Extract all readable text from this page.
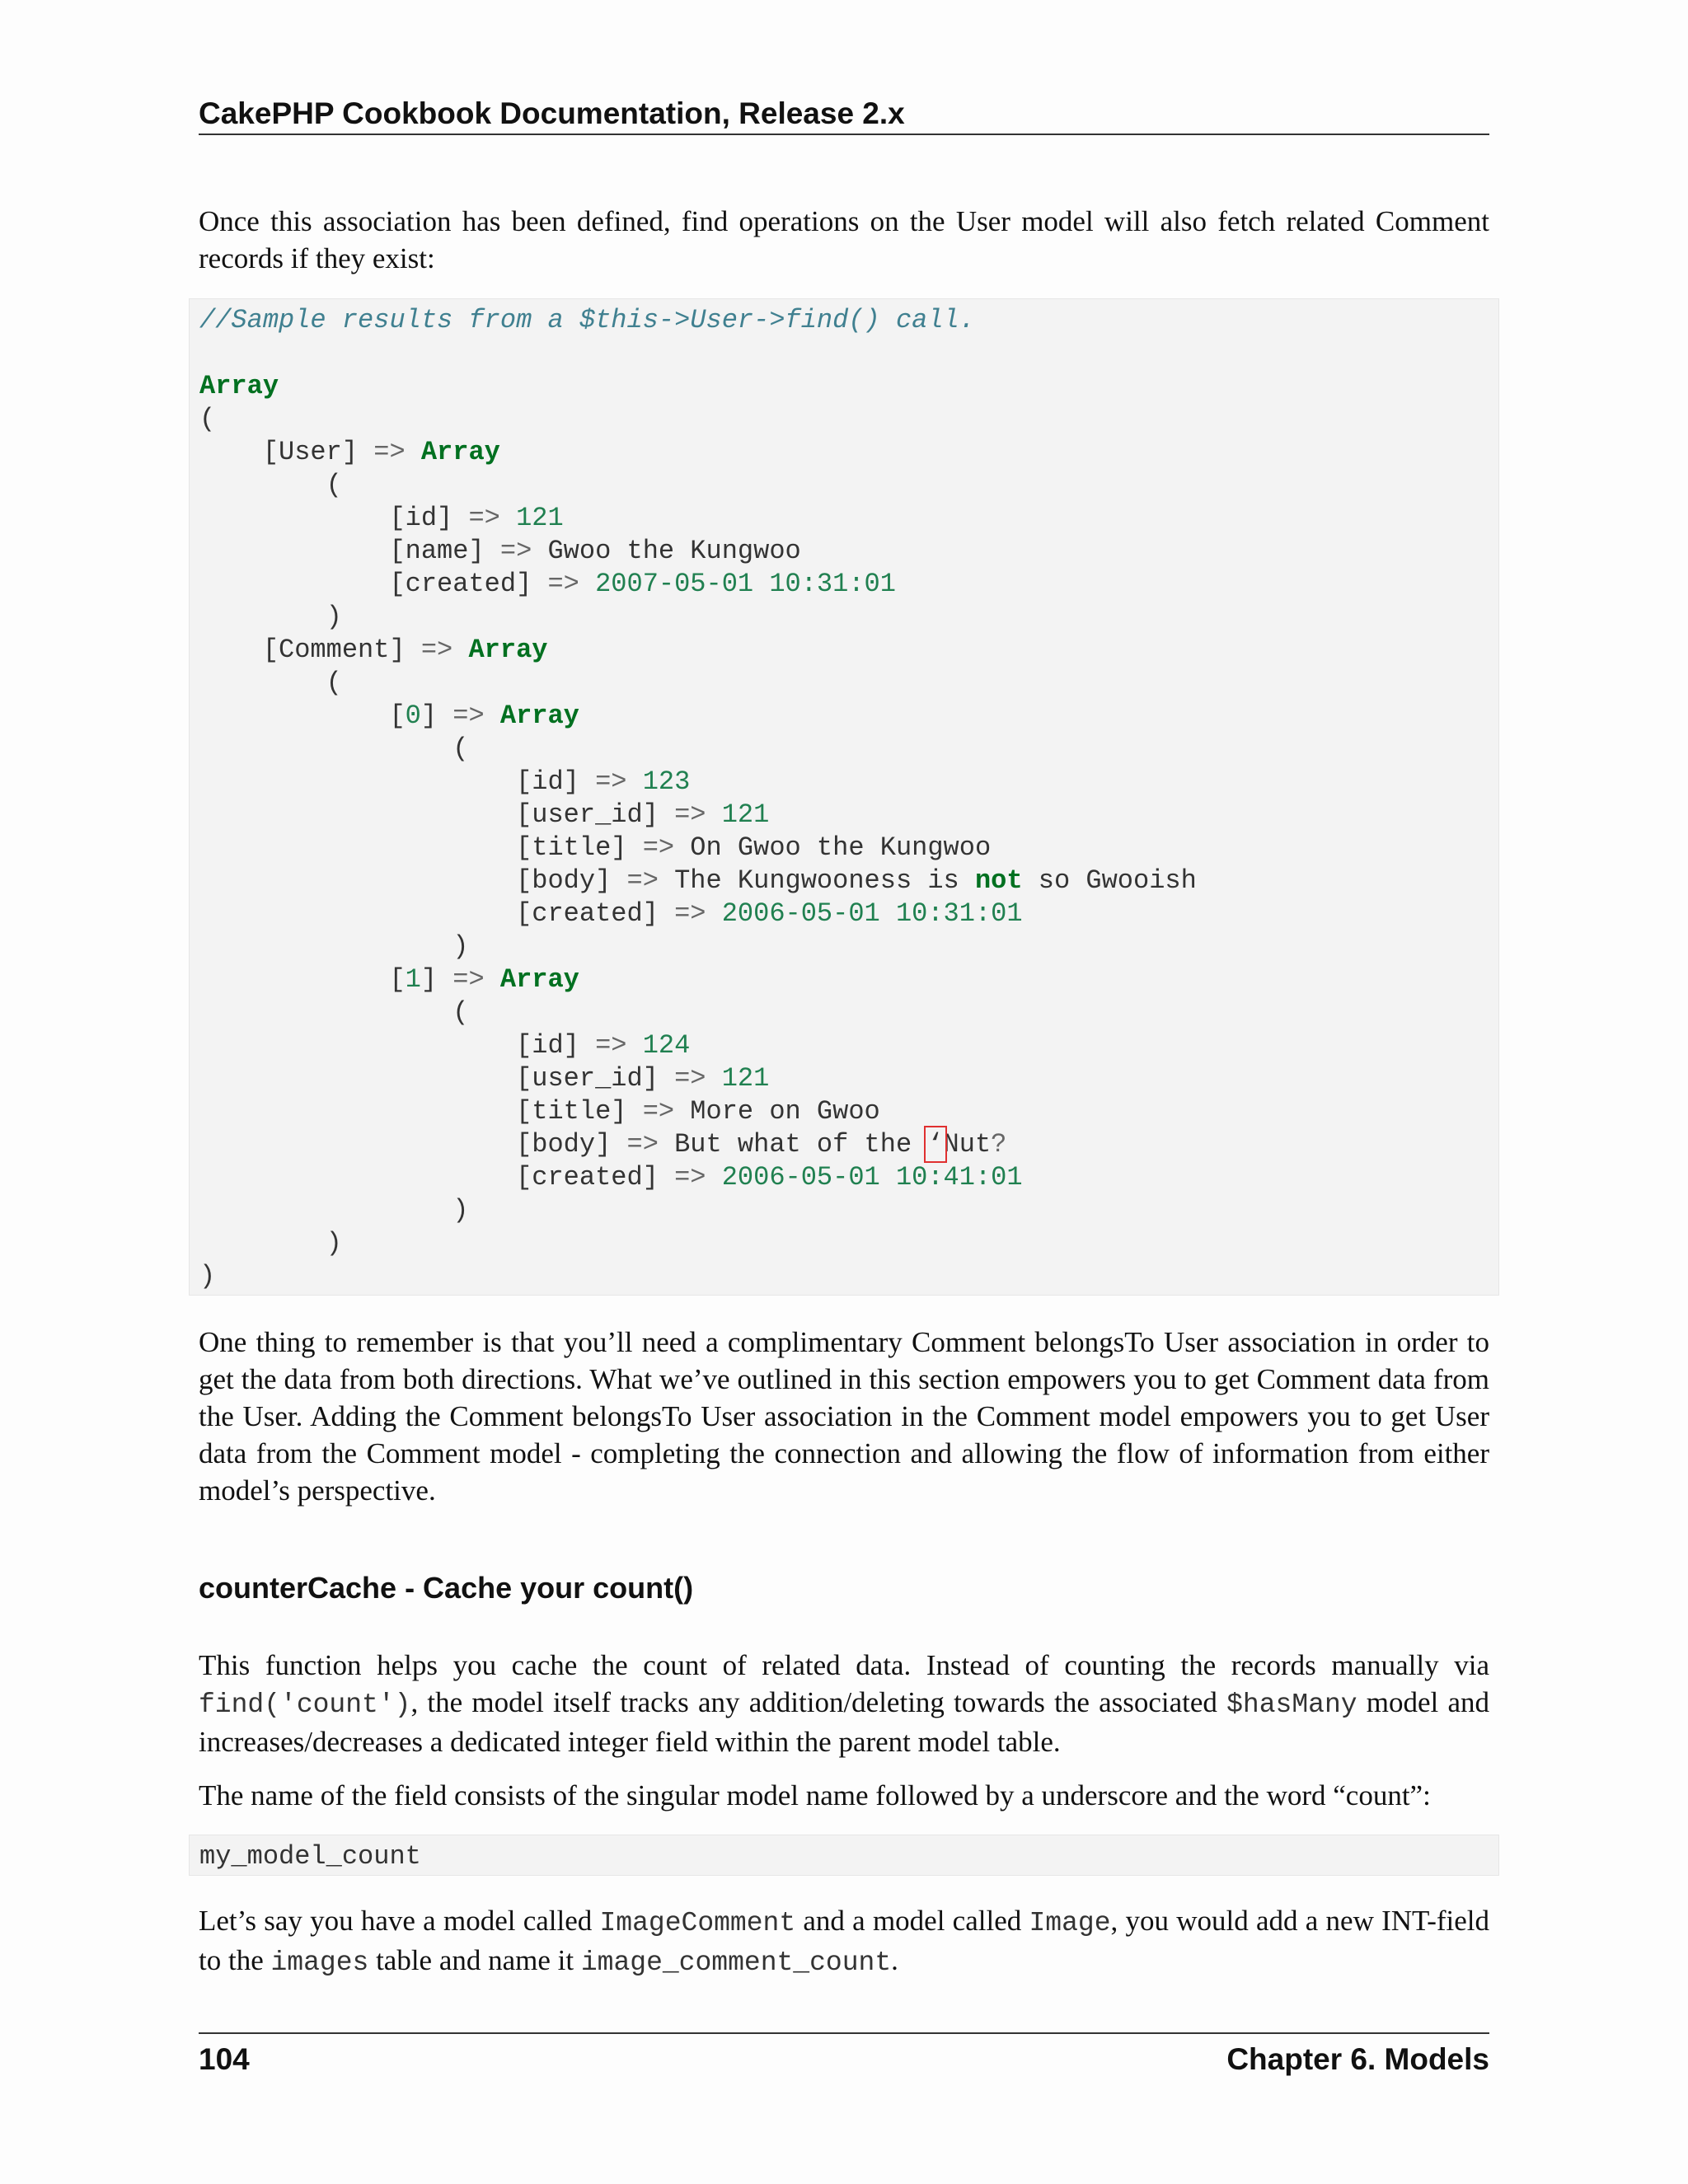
CakePHP Cookbook Documentation, Release 2.x

Once this association has been defined, find operations on the User model will also fetch related Comment records if they exist:

//Sample results from a $this->User->find() call.

Array
(
[User] => Array
(
[id] => 121
[name] => Gwoo the Kungwoo
[created] => 2007-05-01 10:31:01
)
[Comment] => Array
(
[0] => Array
(
[id] => 123
[user_id] => 121
[title] => On Gwoo the Kungwoo
[body] => The Kungwooness is not so Gwooish
[created] => 2006-05-01 10:31:01
)
[1] => Array
(
[id] => 124
[user_id] => 121
[title] => More on Gwoo
[body] => But what of the ‘Nut?
[created] => 2006-05-01 10:41:01
)
)
)

One thing to remember is that you’ll need a complimentary Comment belongsTo User association in order to get the data from both directions. What we’ve outlined in this section empowers you to get Comment data from the User. Adding the Comment belongsTo User association in the Comment model empowers you to get User data from the Comment model - completing the connection and allowing the flow of information from either model’s perspective.

counterCache - Cache your count()

This function helps you cache the count of related data. Instead of counting the records manually via find('count'), the model itself tracks any addition/deleting towards the associated $hasMany model and increases/decreases a dedicated integer field within the parent model table.

The name of the field consists of the singular model name followed by a underscore and the word “count”:

my_model_count

Let’s say you have a model called ImageComment and a model called Image, you would add a new INT-field to the images table and name it image_comment_count.

104	Chapter 6. Models
